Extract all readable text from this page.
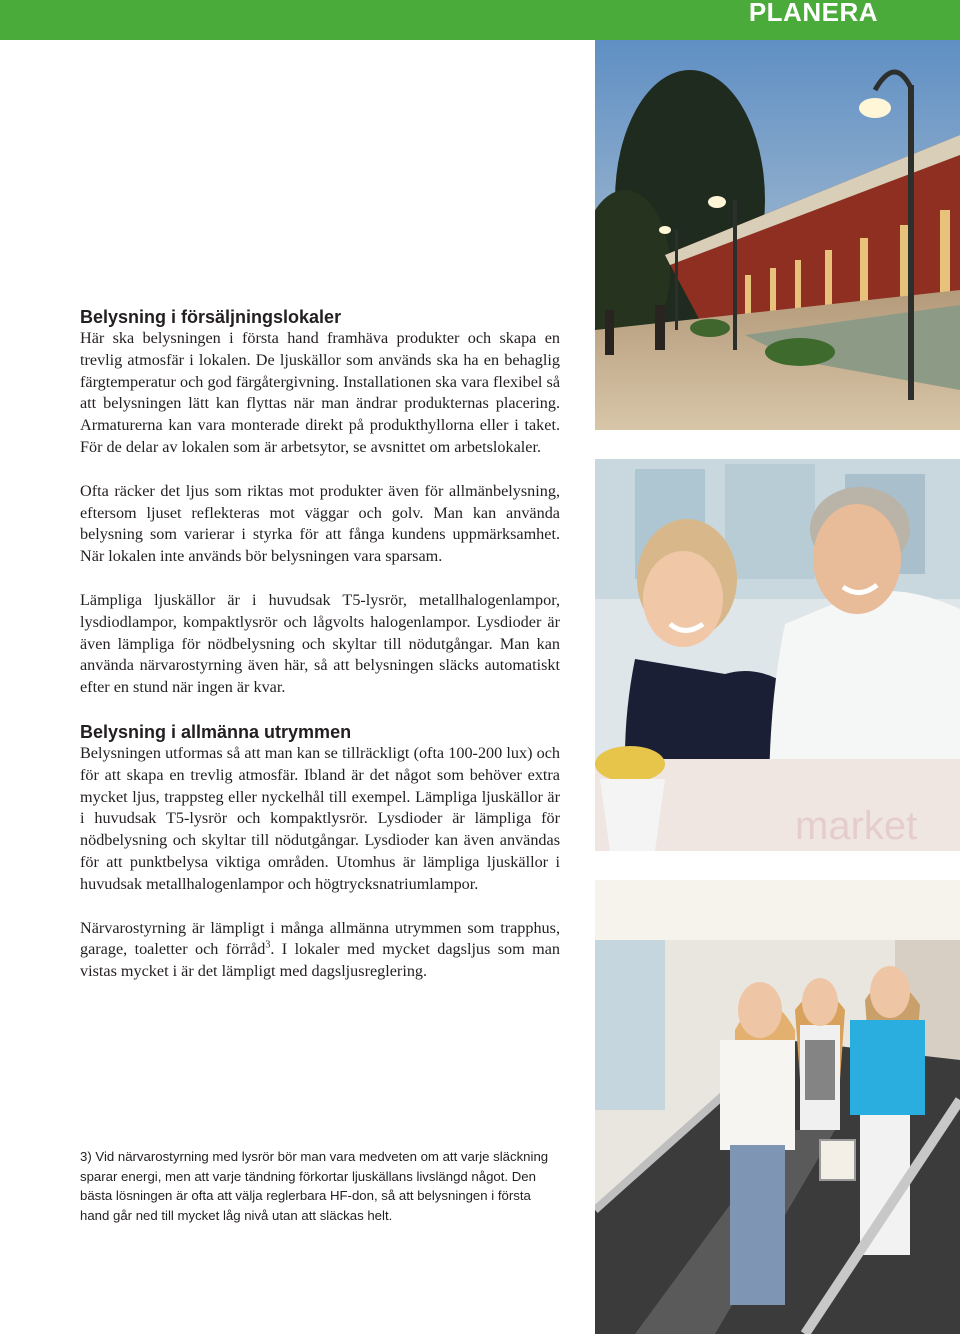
PLANERA
Belysning i försäljningslokaler

Här ska belysningen i första hand framhäva produkter och skapa en trevlig atmosfär i lokalen. De ljuskällor som används ska ha en behaglig färgtemperatur och god färgåtergivning. Installationen ska vara flexibel så att belysningen lätt kan flyttas när man ändrar produkternas placering. Armaturerna kan vara monterade direkt på produkthyllorna eller i taket. För de delar av lokalen som är arbetsytor, se avsnittet om arbetslokaler.

Ofta räcker det ljus som riktas mot produkter även för allmänbelysning, eftersom ljuset reflekteras mot väggar och golv. Man kan använda belysning som varierar i styrka för att fånga kundens uppmärksamhet. När lokalen inte används bör belysningen vara sparsam.

Lämpliga ljuskällor är i huvudsak T5-lysrör, metallhalogenlampor, lysdiodlampor, kompaktlysrör och lågvolts halogenlampor. Lysdioder är även lämpliga för nödbelysning och skyltar till nödutgångar. Man kan använda närvarostyrning även här, så att belysningen släcks automatiskt efter en stund när ingen är kvar.

Belysning i allmänna utrymmen

Belysningen utformas så att man kan se tillräckligt (ofta 100-200 lux) och för att skapa en trevlig atmosfär. Ibland är det något som behöver extra mycket ljus, trappsteg eller nyckelhål till exempel. Lämpliga ljuskällor är i huvudsak T5-lysrör och kompaktlysrör. Lysdioder är lämpliga för nödbelysning och skyltar till nödutgångar. Lysdioder kan även användas för att punktbelysa viktiga områden. Utomhus är lämpliga ljuskällor i huvudsak metallhalogenlampor och högtrycksnatriumlampor.

Närvarostyrning är lämpligt i många allmänna utrymmen som trapphus, garage, toaletter och förråd$^3$. I lokaler med mycket dagsljus som man vistas mycket i är det lämpligt med dagsljusreglering.

3) Vid närvarostyrning med lysrör bör man vara medveten om att varje släckning sparar energi, men att varje tändning förkortar ljuskällans livslängd något. Den bästa lösningen är ofta att välja reglerbara HF-don, så att belysningen i första hand går ned till mycket låg nivå utan att släckas helt.
market
